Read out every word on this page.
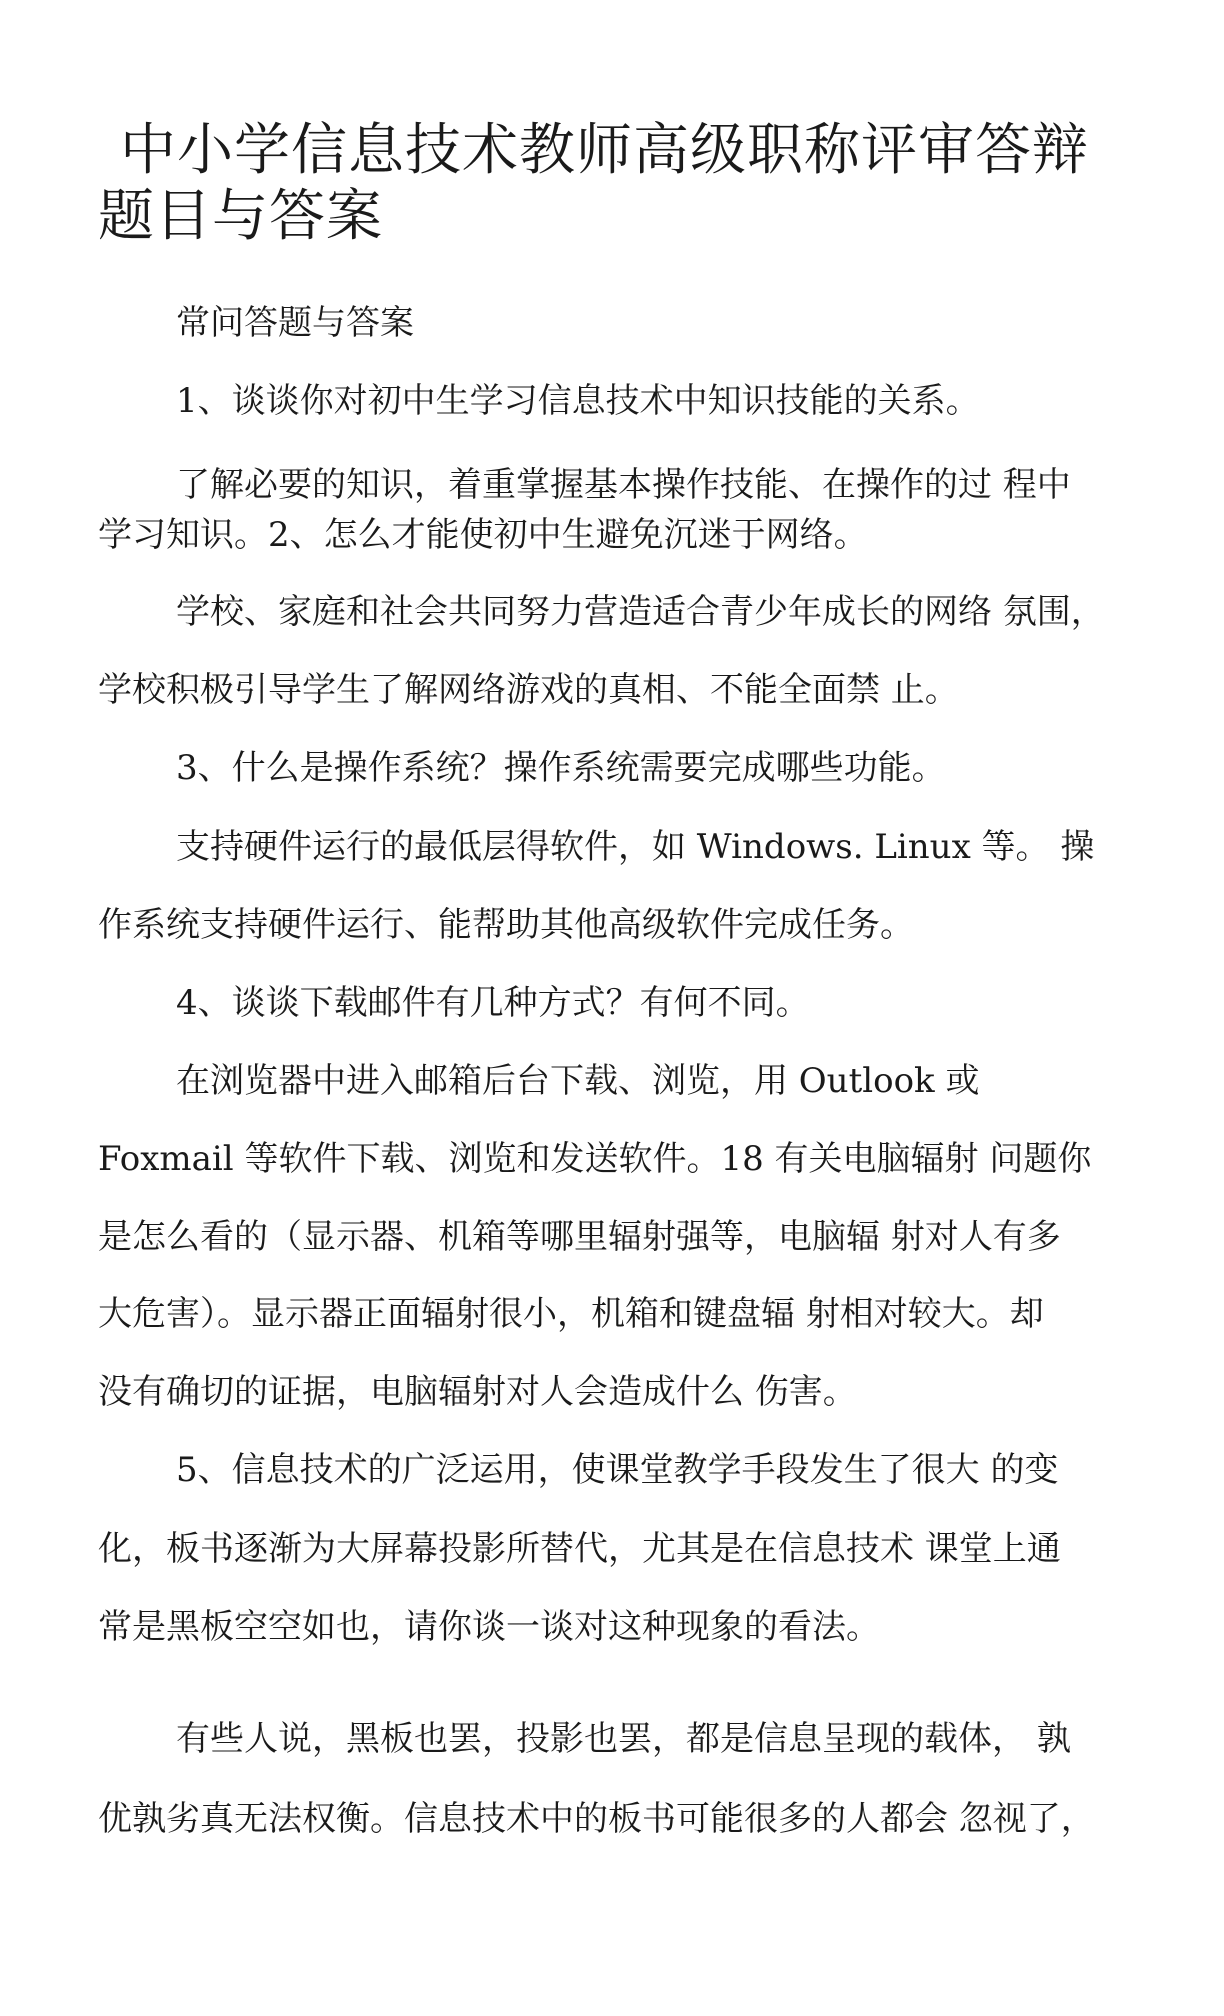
中小学信息技术教师高级职称评审答辩题目与答案
常问答题与答案
1、谈谈你对初中生学习信息技术中知识技能的关系。
了解必要的知识，着重掌握基本操作技能、在操作的过 程中
学习知识。2、怎么才能使初中生避免沉迷于网络。
学校、家庭和社会共同努力营造适合青少年成长的网络 氛围，
学校积极引导学生了解网络游戏的真相、不能全面禁 止。
3、什么是操作系统？操作系统需要完成哪些功能。
支持硬件运行的最低层得软件，如 Windows. Linux 等。 操
作系统支持硬件运行、能帮助其他高级软件完成任务。
4、谈谈下载邮件有几种方式？有何不同。
在浏览器中进入邮箱后台下载、浏览，用 Outlook 或
Foxmail 等软件下载、浏览和发送软件。18 有关电脑辐射 问题你
是怎么看的（显示器、机箱等哪里辐射强等，电脑辐 射对人有多
大危害）。显示器正面辐射很小，机箱和键盘辐 射相对较大。却
没有确切的证据，电脑辐射对人会造成什么 伤害。
5、信息技术的广泛运用，使课堂教学手段发生了很大 的变
化，板书逐渐为大屏幕投影所替代，尤其是在信息技术 课堂上通
常是黑板空空如也，请你谈一谈对这种现象的看法。
有些人说，黑板也罢，投影也罢，都是信息呈现的载体， 孰
优孰劣真无法权衡。信息技术中的板书可能很多的人都会 忽视了，
